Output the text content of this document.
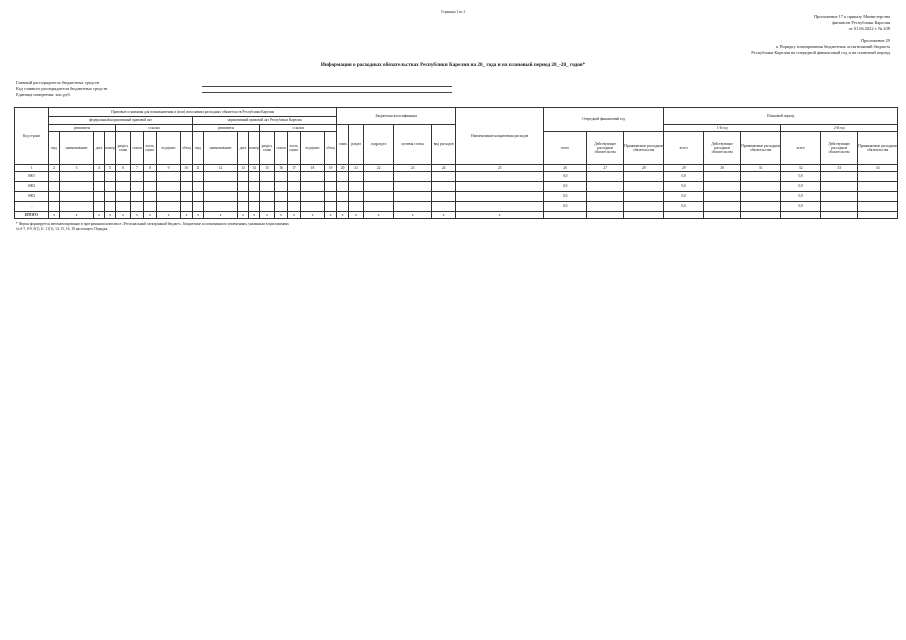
Страница 1 из 1
Приложение 17 к приказу Министерства
финансов Республики Карелия
от 01.06.2022 г. № 438
Приложение 29
к Порядку планирования бюджетных ассигнований бюджета
Республики Карелия на очередной финансовый год и на плановый период
Информация о расходных обязательствах Республики Карелия на 20_ года и на плановый период 20_-20_ годов*
Главный распорядитель бюджетных средств
Код главного распорядителя бюджетных средств
Единица измерения: тыс.руб.
Код строки	Правовые основания для возникновения и (или) исполнения расходных обязательств Республики Карелия																		Бюджетная классификация					Наименование направления расходов	Очередной финансовый год			Плановый период					
	федеральный нормативный правовой акт									нормативный правовой акт Республики Карелия																							
	реквизиты				ссылки					реквизиты				ссылки					глава	раздел	подраздел	целевая статья	вид расходов					1-й год			2-й год		
	вид	наименование	дата	номер	раздел, глава	статья	часть, пункт	подпункт	абзац	вид	наименование	дата	номер	раздел, глава	статья	часть, пункт	подпункт	абзац							всего	Действующие расходные обязательства	Принимаемые расходные обязательства	всего	Действующие расходные обязательства	Принимаемые расходные обязательства	всего	Действующие расходные обязательства	Принимаемые расходные обязательства
1	2	3	4	5	6	7	8	9	10	11	12	13	14	15	16	17	18	19	20	21	22	23	24	25	26	27	28	29	30	31	32	33	34
0001																									0,0			0,0			0,0		
0002																									0,0			0,0			0,0		
0003																									0,0			0,0			0,0		
...																									0,0			0,0			0,0		
ИТОГО	x	x	x	x	x	x	x	x	x	x	x	x	x	x	x	x	x	x	x	x	x	x	x	x									
* Форма формируется автоматизированно в программном комплексе «Региональный электронный бюджет». Бюджетные ассигнования по изменениям, указанным в приложениях
№ 6-7, 8-9, 9(1) 11, 11(1), 14, 15, 16, 18 настоящего Порядка.
